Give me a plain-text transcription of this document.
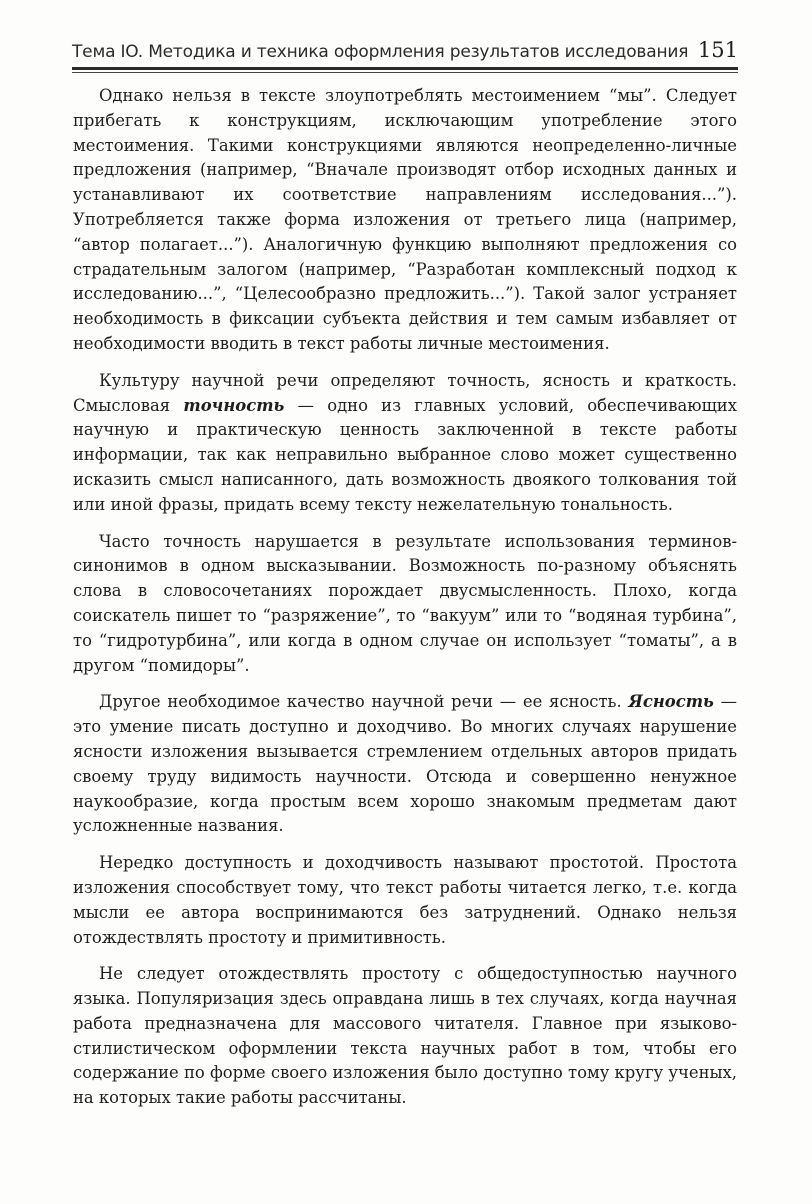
Тема IO. Методика и техника оформления результатов исследования 151

Однако нельзя в тексте злоупотреблять местоимением “мы”. Следует прибегать к конструкциям, исключающим употребление этого местоимения. Такими конструкциями являются неопределенно-личные предложения (например, “Вначале производят отбор исходных данных и устанавливают их соответствие направлениям исследования...”). Употребляется также форма изложения от третьего лица (например, “автор полагает...”). Аналогичную функцию выполняют предложения со страдательным залогом (например, “Разработан комплексный подход к исследованию...”, “Целесообразно предложить...”). Такой залог устраняет необходимость в фиксации субъекта действия и тем самым избавляет от необходимости вводить в текст работы личные местоимения.

Культуру научной речи определяют точность, ясность и краткость. Смысловая точность — одно из главных условий, обеспечивающих научную и практическую ценность заключенной в тексте работы информации, так как неправильно выбранное слово может существенно исказить смысл написанного, дать возможность двоякого толкования той или иной фразы, придать всему тексту нежелательную тональность.

Часто точность нарушается в результате использования терминов-синонимов в одном высказывании. Возможность по-разному объяснять слова в словосочетаниях порождает двусмысленность. Плохо, когда соискатель пишет то “разряжение”, то “вакуум” или то “водяная турбина”, то “гидротурбина”, или когда в одном случае он использует “томаты”, а в другом “помидоры”.

Другое необходимое качество научной речи — ее ясность. Ясность — это умение писать доступно и доходчиво. Во многих случаях нарушение ясности изложения вызывается стремлением отдельных авторов придать своему труду видимость научности. Отсюда и совершенно ненужное наукообразие, когда простым всем хорошо знакомым предметам дают усложненные названия.

Нередко доступность и доходчивость называют простотой. Простота изложения способствует тому, что текст работы читается легко, т.е. когда мысли ее автора воспринимаются без затруднений. Однако нельзя отождествлять простоту и примитивность.

Не следует отождествлять простоту с общедоступностью научного языка. Популяризация здесь оправдана лишь в тех случаях, когда научная работа предназначена для массового читателя. Главное при языково-стилистическом оформлении текста научных работ в том, чтобы его содержание по форме своего изложения было доступно тому кругу ученых, на которых такие работы рассчитаны.
